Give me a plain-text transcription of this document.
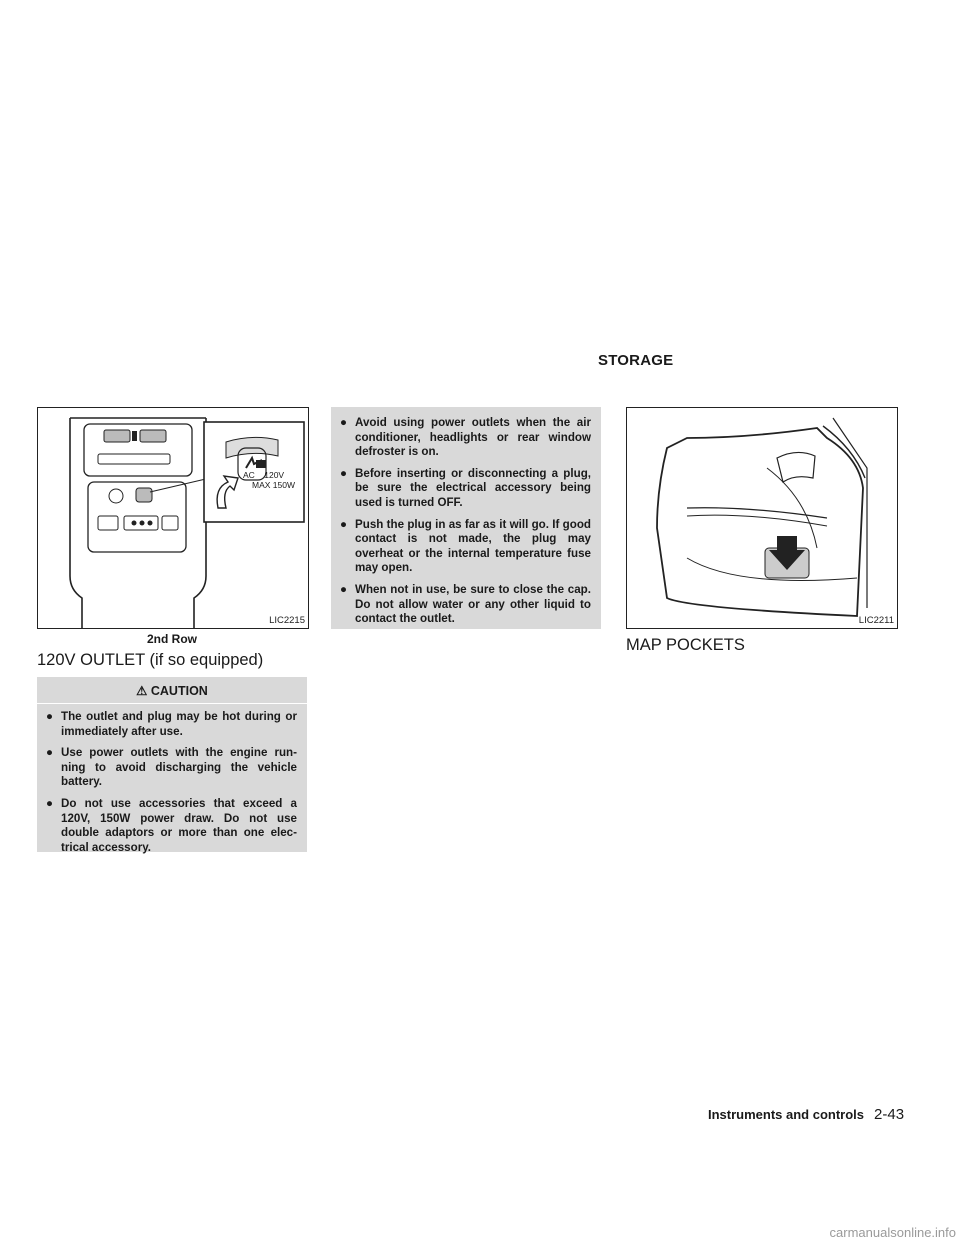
STORAGE
AC    120V
MAX 150W
LIC2215
2nd Row
120V OUTLET (if so equipped)
⚠ CAUTION
● The outlet and plug may be hot during or immediately after use.
● Use power outlets with the engine run-ning to avoid discharging the vehicle battery.
● Do not use accessories that exceed a 120V, 150W power draw. Do not use double adaptors or more than one elec-trical accessory.
● Avoid using power outlets when the air conditioner, headlights or rear window defroster is on.
● Before inserting or disconnecting a plug, be sure the electrical accessory being used is turned OFF.
● Push the plug in as far as it will go. If good contact is not made, the plug may overheat or the internal temperature fuse may open.
● When not in use, be sure to close the cap. Do not allow water or any other liquid to contact the outlet.	LIC2211
MAP POCKETS
Instruments and controls 2-43
carmanualsonline.info
